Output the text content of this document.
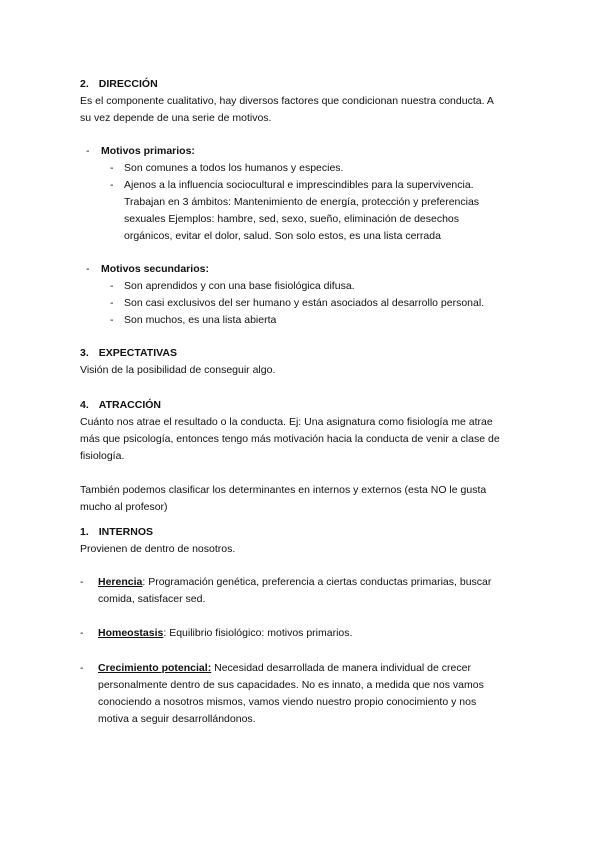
2. DIRECCIÓN
Es el componente cualitativo, hay diversos factores que condicionan nuestra conducta. A
su vez depende de una serie de motivos.
- Motivos primarios:
- Son comunes a todos los humanos y especies.
- Ajenos a la influencia sociocultural e imprescindibles para la supervivencia.
Trabajan en 3 ámbitos: Mantenimiento de energía, protección y preferencias
sexuales Ejemplos: hambre, sed, sexo, sueño, eliminación de desechos
orgánicos, evitar el dolor, salud. Son solo estos, es una lista cerrada
- Motivos secundarios:
- Son aprendidos y con una base fisiológica difusa.
- Son casi exclusivos del ser humano y están asociados al desarrollo personal.
- Son muchos, es una lista abierta
3. EXPECTATIVAS
Visión de la posibilidad de conseguir algo.
4. ATRACCIÓN
Cuánto nos atrae el resultado o la conducta. Ej: Una asignatura como fisiología me atrae
más que psicología, entonces tengo más motivación hacia la conducta de venir a clase de
fisiología.
También podemos clasificar los determinantes en internos y externos (esta NO le gusta
mucho al profesor)
1. INTERNOS
Provienen de dentro de nosotros.
- Herencia: Programación genética, preferencia a ciertas conductas primarias, buscar
comida, satisfacer sed.
- Homeostasis: Equilibrio fisiológico: motivos primarios.
- Crecimiento potencial: Necesidad desarrollada de manera individual de crecer
personalmente dentro de sus capacidades. No es innato, a medida que nos vamos
conociendo a nosotros mismos, vamos viendo nuestro propio conocimiento y nos
motiva a seguir desarrollándonos.
